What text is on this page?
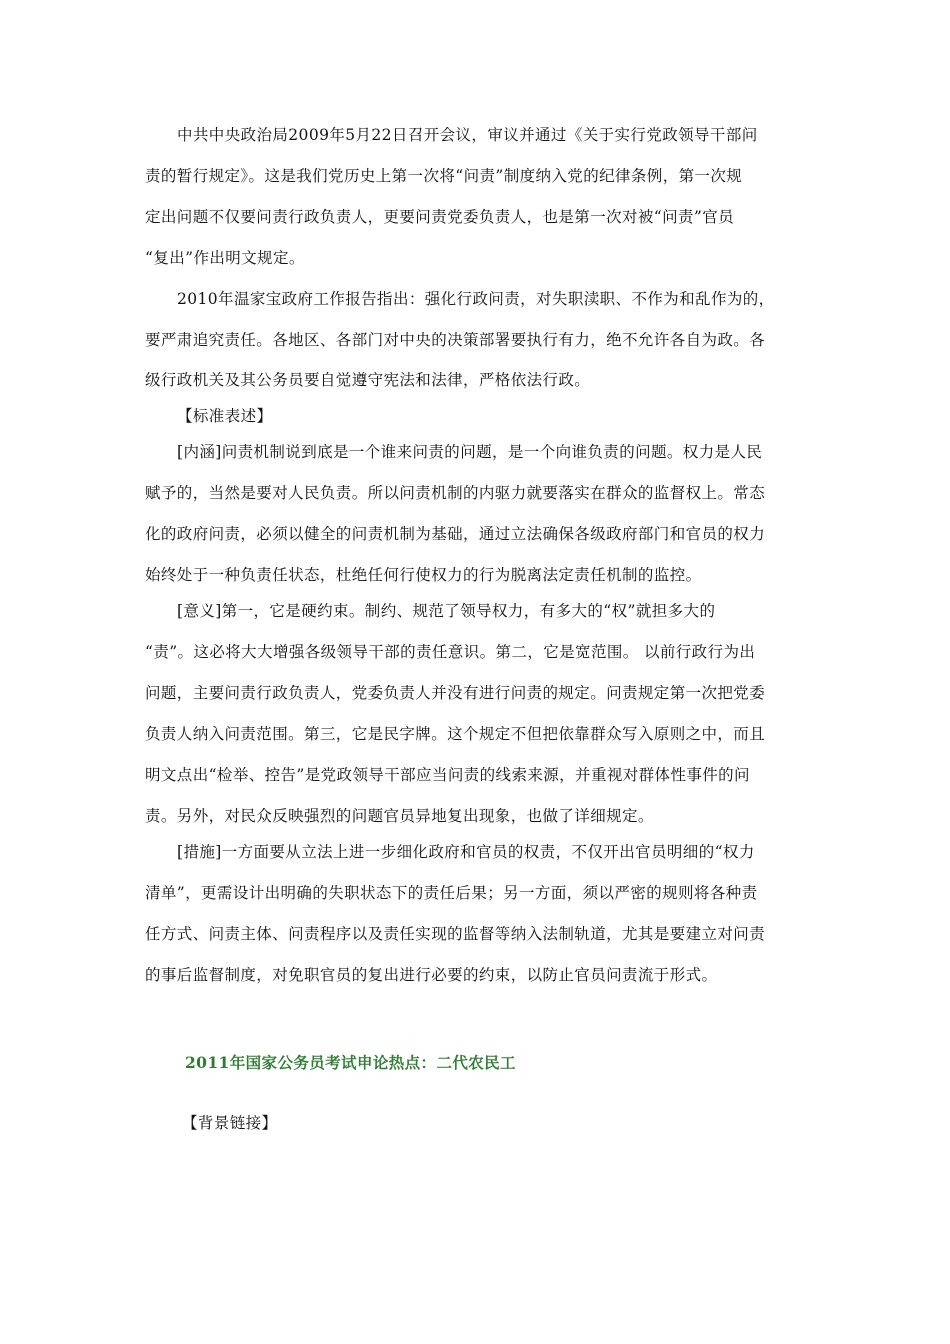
中共中央政治局2009年5月22日召开会议，审议并通过《关于实行党政领导干部问
责的暂行规定》。这是我们党历史上第一次将“问责”制度纳入党的纪律条例，第一次规
定出问题不仅要问责行政负责人，更要问责党委负责人，也是第一次对被“问责”官员
“复出”作出明文规定。
2010年温家宝政府工作报告指出：强化行政问责，对失职渎职、不作为和乱作为的，
要严肃追究责任。各地区、各部门对中央的决策部署要执行有力，绝不允许各自为政。各
级行政机关及其公务员要自觉遵守宪法和法律，严格依法行政。
【标准表述】
[内涵]问责机制说到底是一个谁来问责的问题，是一个向谁负责的问题。权力是人民
赋予的，当然是要对人民负责。所以问责机制的内驱力就要落实在群众的监督权上。常态
化的政府问责，必须以健全的问责机制为基础，通过立法确保各级政府部门和官员的权力
始终处于一种负责任状态，杜绝任何行使权力的行为脱离法定责任机制的监控。
[意义]第一，它是硬约束。制约、规范了领导权力，有多大的“权”就担多大的
“责”。这必将大大增强各级领导干部的责任意识。第二，它是宽范围。 以前行政行为出
问题，主要问责行政负责人，党委负责人并没有进行问责的规定。问责规定第一次把党委
负责人纳入问责范围。第三，它是民字牌。这个规定不但把依靠群众写入原则之中，而且
明文点出“检举、控告”是党政领导干部应当问责的线索来源，并重视对群体性事件的问
责。另外，对民众反映强烈的问题官员异地复出现象，也做了详细规定。
[措施]一方面要从立法上进一步细化政府和官员的权责，不仅开出官员明细的“权力
清单”，更需设计出明确的失职状态下的责任后果；另一方面，须以严密的规则将各种责
任方式、问责主体、问责程序以及责任实现的监督等纳入法制轨道，尤其是要建立对问责
的事后监督制度，对免职官员的复出进行必要的约束，以防止官员问责流于形式。
2011年国家公务员考试申论热点：二代农民工
【背景链接】
